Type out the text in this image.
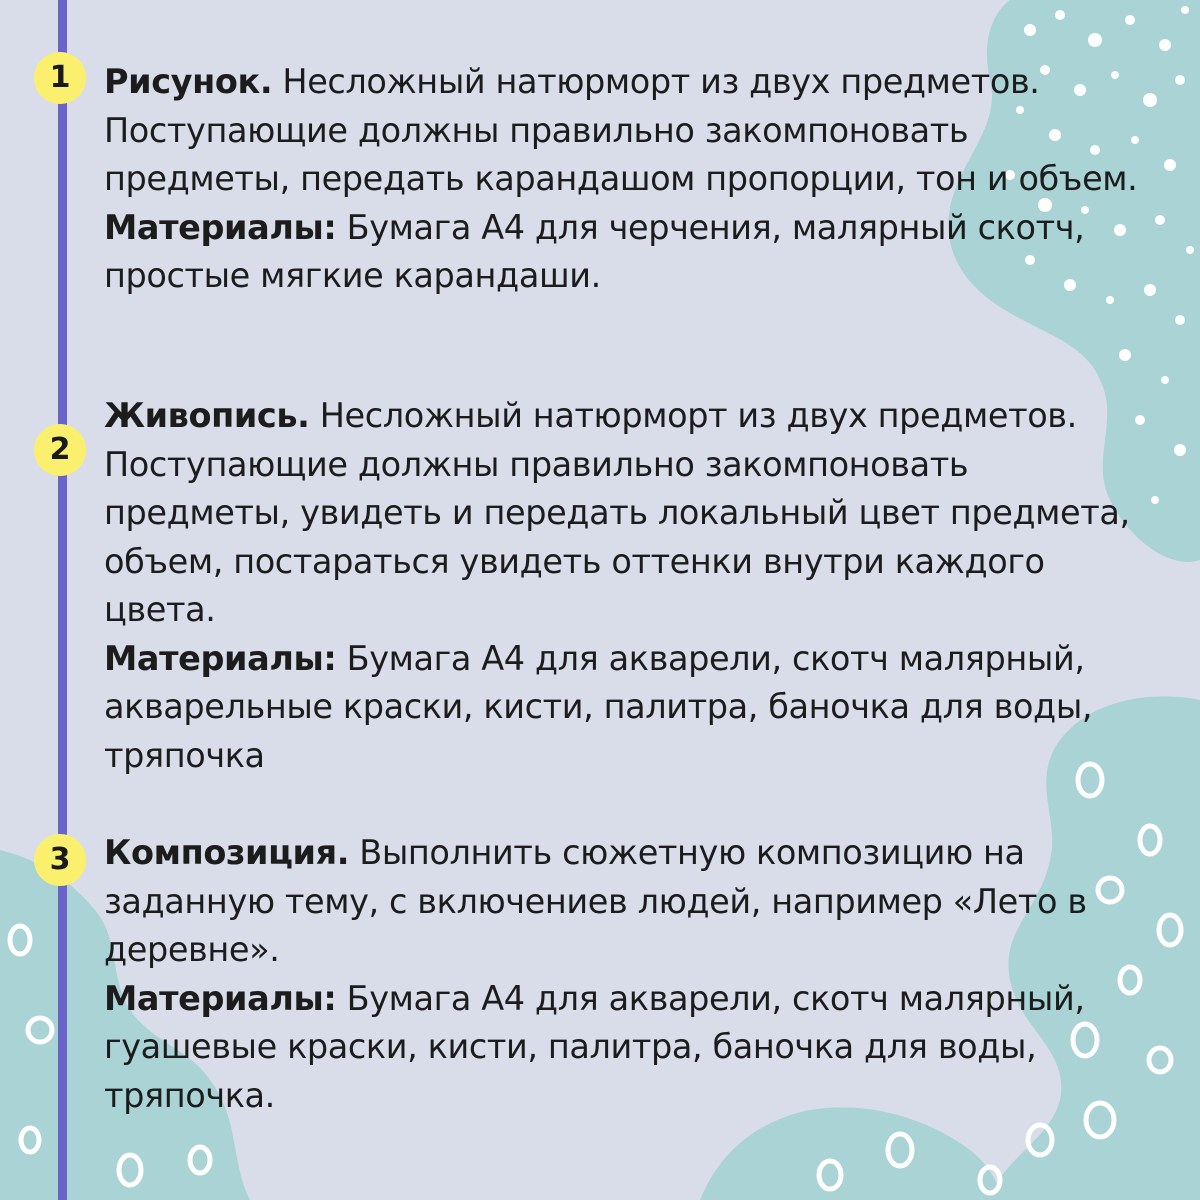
1
2
3

Рисунок. Несложный натюрморт из двух предметов. Поступающие должны правильно закомпоновать предметы, передать карандашом пропорции, тон и объем.

Материалы: Бумага А4 для черчения, малярный скотч, простые мягкие карандаши.

Живопись. Несложный натюрморт из двух предметов. Поступающие должны правильно закомпоновать предметы, увидеть и передать локальный цвет предмета, объем, постараться увидеть оттенки внутри каждого цвета.

Материалы: Бумага А4 для акварели, скотч малярный, акварельные краски, кисти, палитра, баночка для воды, тряпочка

Композиция. Выполнить сюжетную композицию на заданную тему, с включениев людей, например «Лето в деревне».

Материалы: Бумага А4 для акварели, скотч малярный, гуашевые краски, кисти, палитра, баночка для воды, тряпочка.
